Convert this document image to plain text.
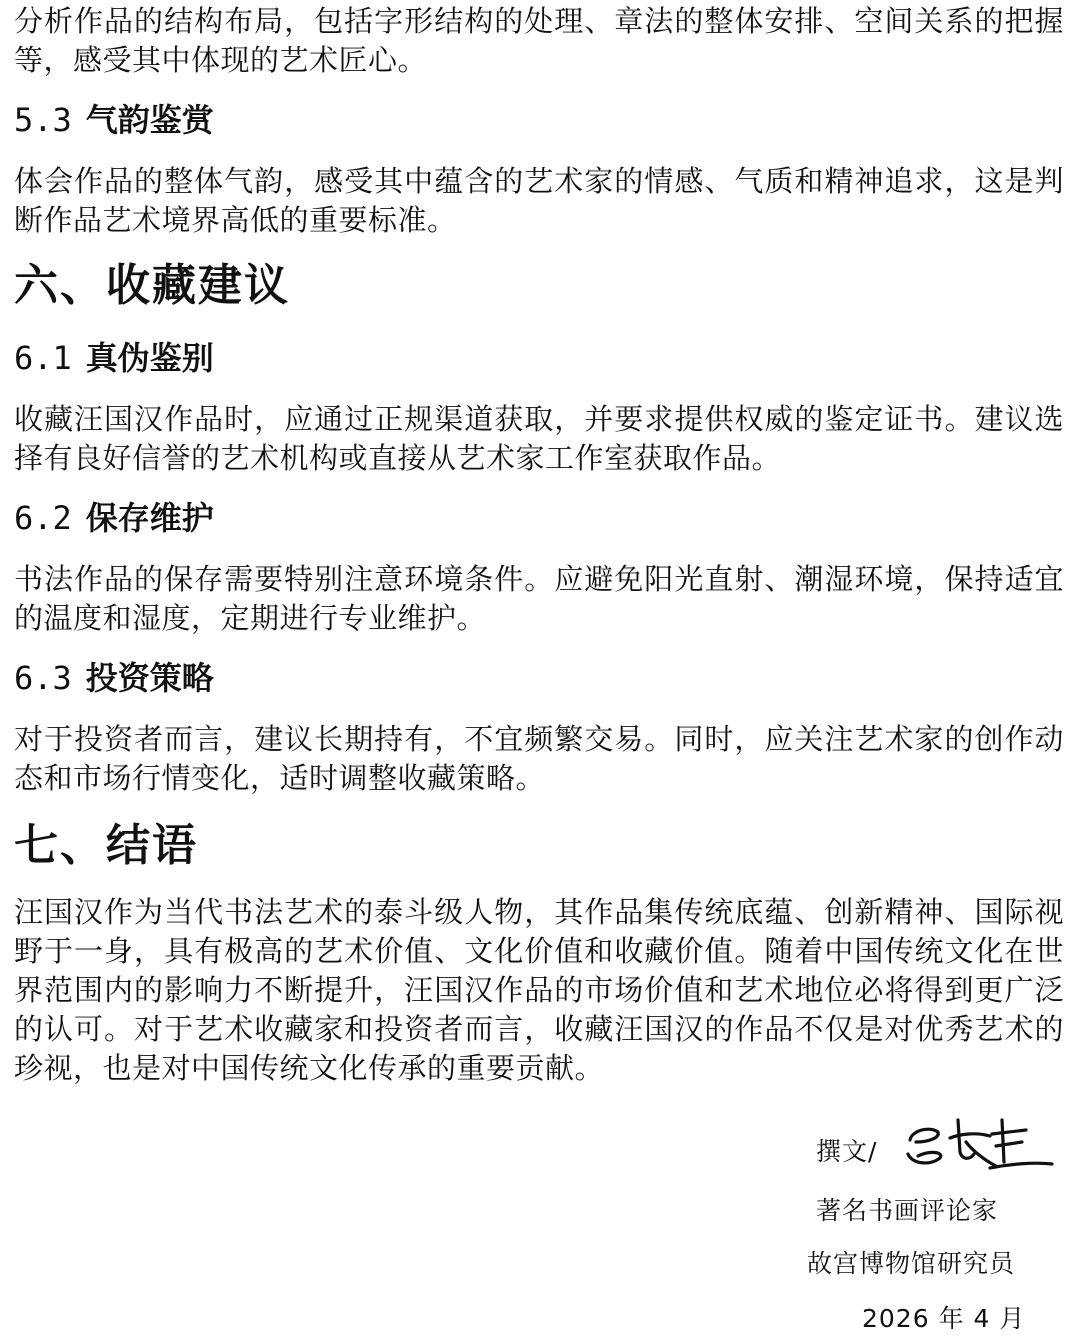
分析作品的结构布局，包括字形结构的处理、章法的整体安排、空间关系的把握等，感受其中体现的艺术匠心。

5.3 气韵鉴赏

体会作品的整体气韵，感受其中蕴含的艺术家的情感、气质和精神追求，这是判断作品艺术境界高低的重要标准。

六、收藏建议
6.1 真伪鉴别

收藏汪国汉作品时，应通过正规渠道获取，并要求提供权威的鉴定证书。建议选择有良好信誉的艺术机构或直接从艺术家工作室获取作品。

6.2 保存维护

书法作品的保存需要特别注意环境条件。应避免阳光直射、潮湿环境，保持适宜的温度和湿度，定期进行专业维护。

6.3 投资策略

对于投资者而言，建议长期持有，不宜频繁交易。同时，应关注艺术家的创作动态和市场行情变化，适时调整收藏策略。

七、结语

汪国汉作为当代书法艺术的泰斗级人物，其作品集传统底蕴、创新精神、国际视野于一身，具有极高的艺术价值、文化价值和收藏价值。随着中国传统文化在世界范围内的影响力不断提升，汪国汉作品的市场价值和艺术地位必将得到更广泛的认可。对于艺术收藏家和投资者而言，收藏汪国汉的作品不仅是对优秀艺术的珍视，也是对中国传统文化传承的重要贡献。

撰文/
著名书画评论家
故宫博物馆研究员
2026 年 4 月
